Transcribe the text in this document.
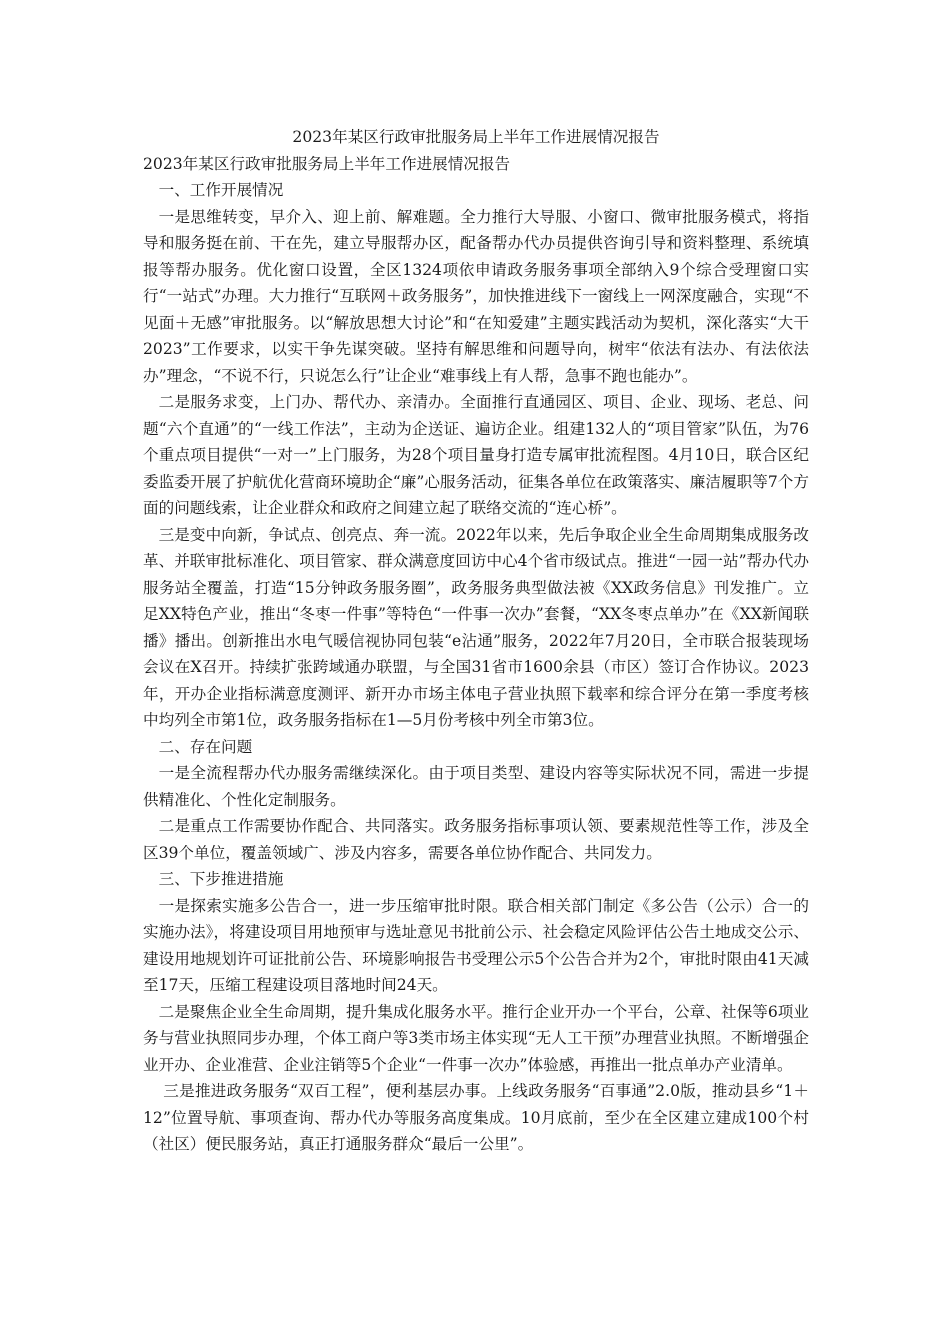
2023年某区行政审批服务局上半年工作进展情况报告

2023年某区行政审批服务局上半年工作进展情况报告

一、工作开展情况

一是思维转变，早介入、迎上前、解难题。全力推行大导服、小窗口、微审批服务模式，将指导和服务挺在前、干在先，建立导服帮办区，配备帮办代办员提供咨询引导和资料整理、系统填报等帮办服务。优化窗口设置，全区1324项依申请政务服务事项全部纳入9个综合受理窗口实行“一站式”办理。大力推行“互联网＋政务服务”，加快推进线下一窗线上一网深度融合，实现“不见面＋无感”审批服务。以“解放思想大讨论”和“在知爱建”主题实践活动为契机，深化落实“大干2023”工作要求，以实干争先谋突破。坚持有解思维和问题导向，树牢“依法有法办、有法依法办”理念，“不说不行，只说怎么行”让企业“难事线上有人帮，急事不跑也能办”。

二是服务求变，上门办、帮代办、亲清办。全面推行直通园区、项目、企业、现场、老总、问题“六个直通”的“一线工作法”，主动为企送证、遍访企业。组建132人的“项目管家”队伍，为76个重点项目提供“一对一”上门服务，为28个项目量身打造专属审批流程图。4月10日，联合区纪委监委开展了护航优化营商环境助企“廉”心服务活动，征集各单位在政策落实、廉洁履职等7个方面的问题线索，让企业群众和政府之间建立起了联络交流的“连心桥”。

三是变中向新，争试点、创亮点、奔一流。2022年以来，先后争取企业全生命周期集成服务改革、并联审批标准化、项目管家、群众满意度回访中心4个省市级试点。推进“一园一站”帮办代办服务站全覆盖，打造“15分钟政务服务圈”，政务服务典型做法被《XX政务信息》刊发推广。立足XX特色产业，推出“冬枣一件事”等特色“一件事一次办”套餐，“XX冬枣点单办”在《XX新闻联播》播出。创新推出水电气暖信视协同包装“e沾通”服务，2022年7月20日，全市联合报装现场会议在X召开。持续扩张跨域通办联盟，与全国31省市1600余县（市区）签订合作协议。2023年，开办企业指标满意度测评、新开办市场主体电子营业执照下载率和综合评分在第一季度考核中均列全市第1位，政务服务指标在1—5月份考核中列全市第3位。

二、存在问题

一是全流程帮办代办服务需继续深化。由于项目类型、建设内容等实际状况不同，需进一步提供精准化、个性化定制服务。

二是重点工作需要协作配合、共同落实。政务服务指标事项认领、要素规范性等工作，涉及全区39个单位，覆盖领域广、涉及内容多，需要各单位协作配合、共同发力。

三、下步推进措施

一是探索实施多公告合一，进一步压缩审批时限。联合相关部门制定《多公告（公示）合一的实施办法》，将建设项目用地预审与选址意见书批前公示、社会稳定风险评估公告土地成交公示、建设用地规划许可证批前公告、环境影响报告书受理公示5个公告合并为2个，审批时限由41天减至17天，压缩工程建设项目落地时间24天。

二是聚焦企业全生命周期，提升集成化服务水平。推行企业开办一个平台，公章、社保等6项业务与营业执照同步办理，个体工商户等3类市场主体实现“无人工干预”办理营业执照。不断增强企业开办、企业准营、企业注销等5个企业“一件事一次办”体验感，再推出一批点单办产业清单。

三是推进政务服务“双百工程”，便利基层办事。上线政务服务“百事通”2.0版，推动县乡“1＋12”位置导航、事项查询、帮办代办等服务高度集成。10月底前，至少在全区建立建成100个村（社区）便民服务站，真正打通服务群众“最后一公里”。
